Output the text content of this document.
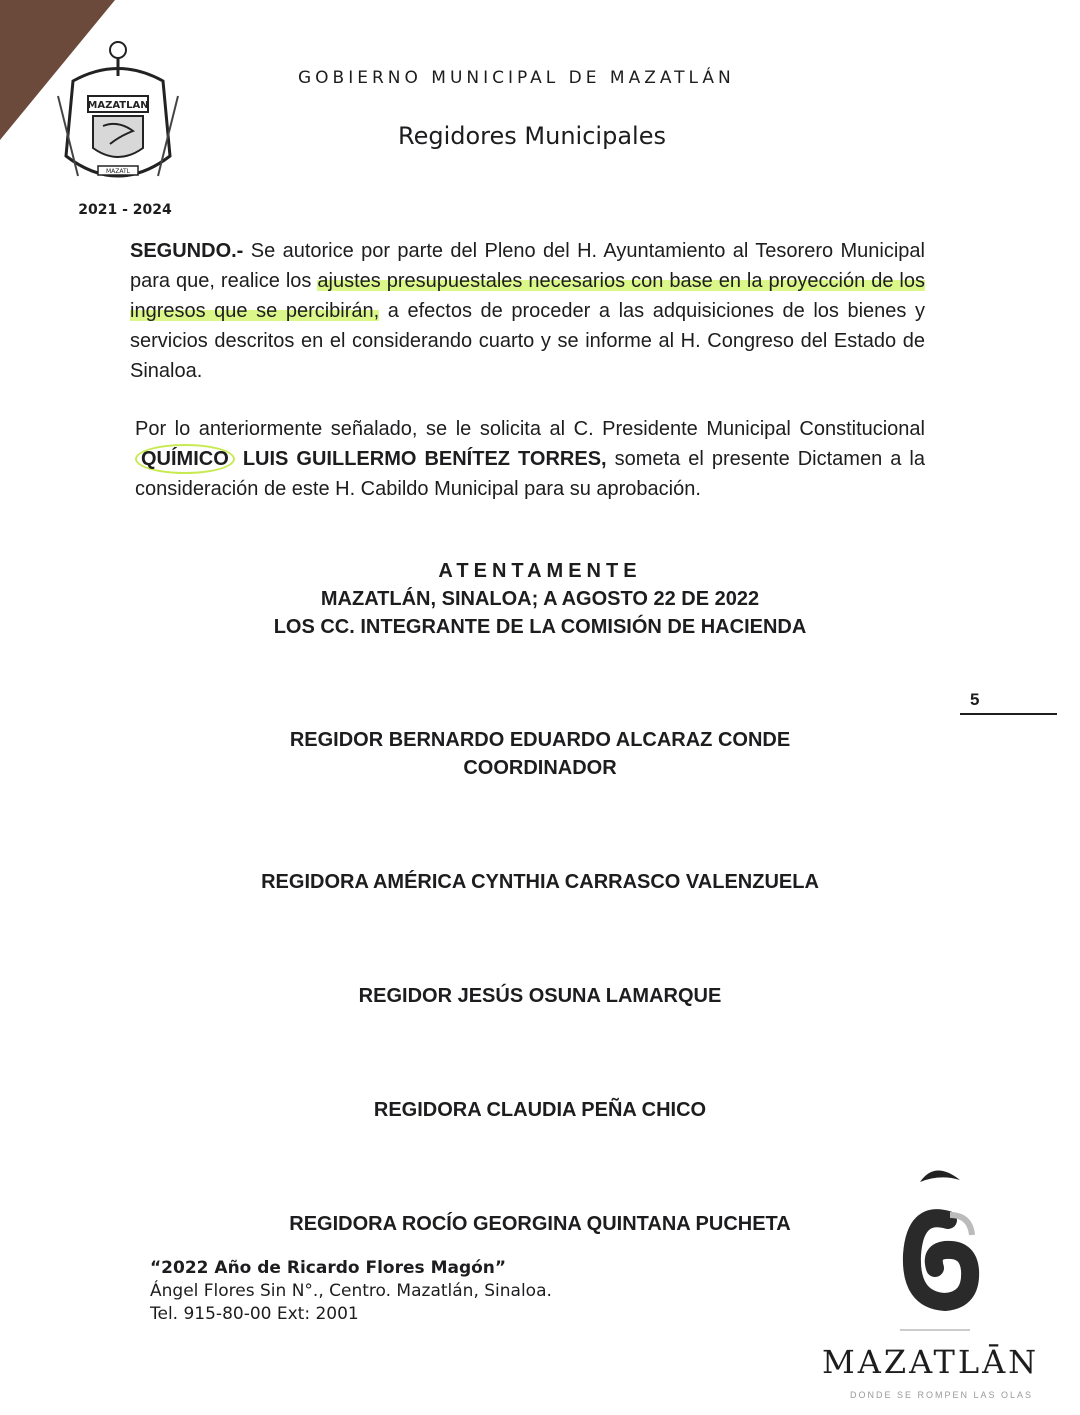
MAZATLAN
MAZATL
2021 - 2024
GOBIERNO MUNICIPAL DE MAZATLÁN
Regidores Municipales
SEGUNDO.- Se autorice por parte del Pleno del H. Ayuntamiento al Tesorero Municipal para que, realice los ajustes presupuestales necesarios con base en la proyección de los ingresos que se percibirán, a efectos de proceder a las adquisiciones de los bienes y servicios descritos en el considerando cuarto y se informe al H. Congreso del Estado de Sinaloa.
Por lo anteriormente señalado, se le solicita al C. Presidente Municipal Constitucional QUÍMICO LUIS GUILLERMO BENÍTEZ TORRES, someta el presente Dictamen a la consideración de este H. Cabildo Municipal para su aprobación.
ATENTAMENTE
MAZATLÁN, SINALOA; A AGOSTO 22 DE 2022
LOS CC. INTEGRANTE DE LA COMISIÓN DE HACIENDA
5
REGIDOR BERNARDO EDUARDO ALCARAZ CONDE
COORDINADOR
REGIDORA AMÉRICA CYNTHIA CARRASCO VALENZUELA
REGIDOR JESÚS OSUNA LAMARQUE
REGIDORA CLAUDIA PEÑA CHICO
REGIDORA ROCÍO GEORGINA QUINTANA PUCHETA
“2022 Año de Ricardo Flores Magón”
Ángel Flores Sin N°., Centro. Mazatlán, Sinaloa.
Tel. 915-80-00 Ext: 2001
MAZATLĀN
DONDE SE ROMPEN LAS OLAS
